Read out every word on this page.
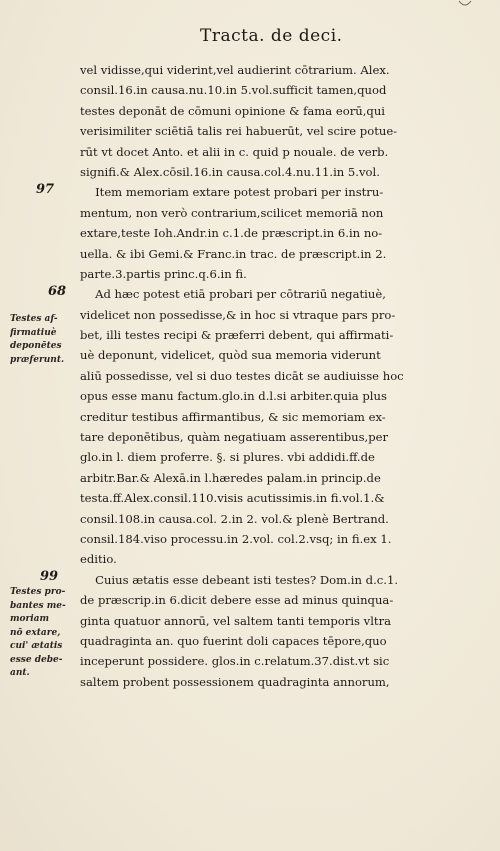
Tracta. de deci.
97
68
99
Testes af-
firmatiuè
deponētes
præferunt.
Testes pro-
bantes me-
moriam
nō extare,
cui' ætatis
esse debe-
ant.
vel vidisse,qui viderint,vel audierint cōtrarium. Alex.
consil.16.in causa.nu.10.in 5.vol.sufficit tamen,quod
testes deponāt de cōmuni opinione & fama eorū,qui
verisimiliter sciētiā talis rei habuerūt, vel scire potue-
rūt vt docet Anto. et alii in c. quid p nouale. de verb.
signifi.& Alex.cōsil.16.in causa.col.4.nu.11.in 5.vol.
Item memoriam extare potest probari per instru-
mentum, non verò contrarium,scilicet memoriā non
extare,teste Ioh.Andr.in c.1.de præscript.in 6.in no-
uella. & ibi Gemi.& Franc.in trac. de præscript.in 2.
parte.3.partis princ.q.6.in fi.
Ad hæc potest etiā probari per cōtrariū negatiuè,
videlicet non possedisse,& in hoc si vtraque pars pro-
bet, illi testes recipi & præferri debent, qui affirmati-
uè deponunt, videlicet, quòd sua memoria viderunt
aliū possedisse, vel si duo testes dicāt se audiuisse hoc
opus esse manu factum.glo.in d.l.si arbiter.quia plus
creditur testibus affirmantibus, & sic memoriam ex-
tare deponētibus, quàm negatiuam asserentibus,per
glo.in l. diem proferre. §. si plures. vbi addidi.ff.de
arbitr.Bar.& Alexā.in l.hæredes palam.in princip.de
testa.ff.Alex.consil.110.visis acutissimis.in fi.vol.1.&
consil.108.in causa.col. 2.in 2. vol.& plenè Bertrand.
consil.184.viso processu.in 2.vol. col.2.vsq; in fi.ex 1.
editio.
Cuius ætatis esse debeant isti testes? Dom.in d.c.1.
de præscrip.in 6.dicit debere esse ad minus quinqua-
ginta quatuor annorū, vel saltem tanti temporis vltra
quadraginta an. quo fuerint doli capaces tēpore,quo
inceperunt possidere. glos.in c.relatum.37.dist.vt sic
saltem probent possessionem quadraginta annorum,
